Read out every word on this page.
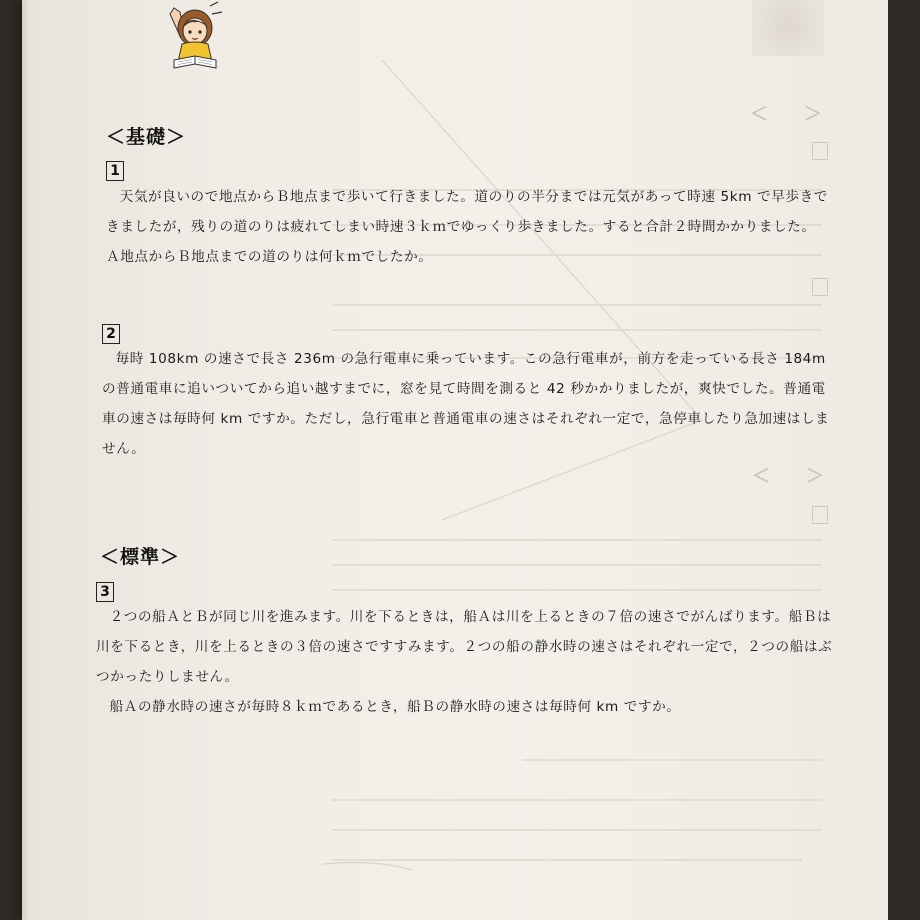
＜　　＞
＜　　＞
＜基礎＞
1

天気が良いので地点からＢ地点まで歩いて行きました。道のりの半分までは元気があって時速 5km で早歩きできましたが，残りの道のりは疲れてしまい時速３ｋｍでゆっくり歩きました。すると合計２時間かかりました。Ａ地点からＢ地点までの道のりは何ｋｍでしたか。

2

毎時 108km の速さで長さ 236m の急行電車に乗っています。この急行電車が，前方を走っている長さ 184m の普通電車に追いついてから追い越すまでに，窓を見て時間を測ると 42 秒かかりましたが，爽快でした。普通電車の速さは毎時何 km ですか。ただし，急行電車と普通電車の速さはそれぞれ一定で，急停車したり急加速はしません。

＜標準＞
3

２つの船ＡとＢが同じ川を進みます。川を下るときは，船Ａは川を上るときの７倍の速さでがんばります。船Ｂは川を下るとき，川を上るときの３倍の速さですすみます。２つの船の静水時の速さはそれぞれ一定で，２つの船はぶつかったりしません。

船Ａの静水時の速さが毎時８ｋｍであるとき，船Ｂの静水時の速さは毎時何 km ですか。
